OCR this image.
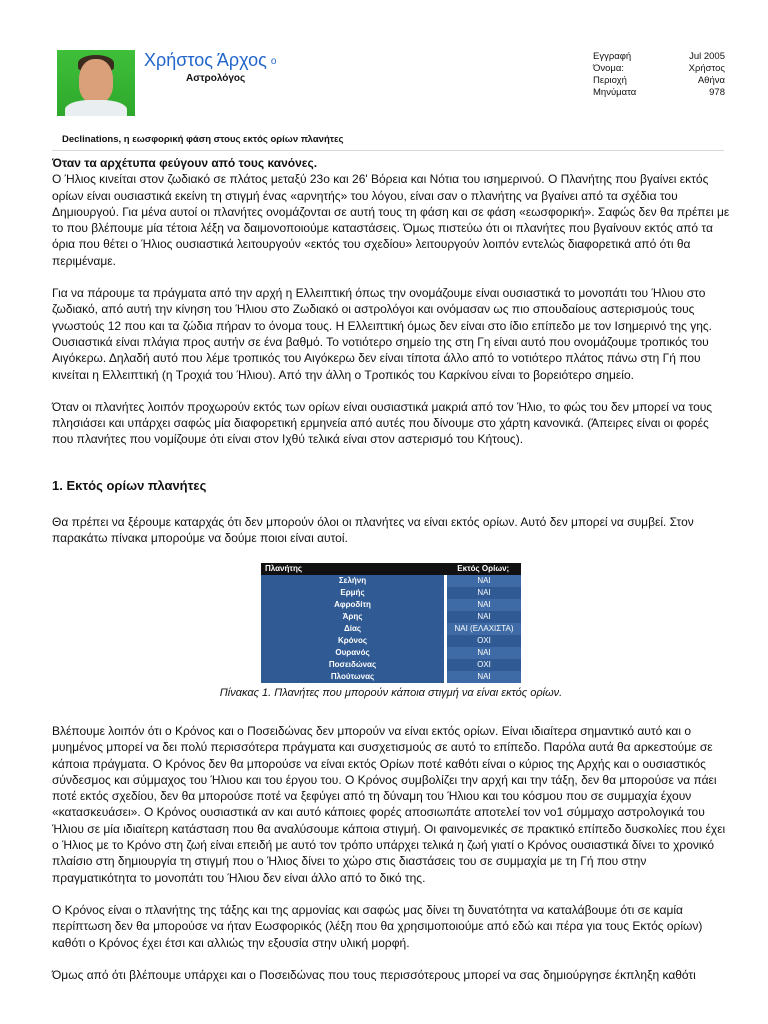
Χρήστος Άρχος o
Αστρολόγος
Εγγραφή	Jul 2005
Όνομα:	Χρήστος
Περιοχή	Αθήνα
Μηνύματα	978
Declinations, η εωσφορική φάση στους εκτός ορίων πλανήτες

Όταν τα αρχέτυπα φεύγουν από τους κανόνες.

Ο Ήλιος κινείται στον ζωδιακό σε πλάτος μεταξύ 23ο και 26' Βόρεια και Νότια του ισημερινού. Ο Πλανήτης που βγαίνει εκτός ορίων είναι ουσιαστικά εκείνη τη στιγμή ένας «αρνητής» του λόγου, είναι σαν ο πλανήτης να βγαίνει από τα σχέδια του Δημιουργού. Για μένα αυτοί οι πλανήτες ονομάζονται σε αυτή τους τη φάση και σε φάση «εωσφορική». Σαφώς δεν θα πρέπει με το που βλέπουμε μία τέτοια λέξη να δαιμονοποιούμε καταστάσεις. Όμως πιστεύω ότι οι πλανήτες που βγαίνουν εκτός από τα όρια που θέτει ο Ήλιος ουσιαστικά λειτουργούν «εκτός του σχεδίου» λειτουργούν λοιπόν εντελώς διαφορετικά από ότι θα περιμέναμε.

Για να πάρουμε τα πράγματα από την αρχή η Ελλειπτική όπως την ονομάζουμε είναι ουσιαστικά το μονοπάτι του Ήλιου στο ζωδιακό, από αυτή την κίνηση του Ήλιου στο Ζωδιακό οι αστρολόγοι και ονόμασαν ως πιο σπουδαίους αστερισμούς τους γνωστούς 12 που και τα ζώδια πήραν το όνομα τους. Η Ελλειπτική όμως δεν είναι στο ίδιο επίπεδο με τον Ισημερινό της γης. Ουσιαστικά είναι πλάγια προς αυτήν σε ένα βαθμό. Το νοτιότερο σημείο της στη Γη είναι αυτό που ονομάζουμε τροπικός του Αιγόκερω. Δηλαδή αυτό που λέμε τροπικός του Αιγόκερω δεν είναι τίποτα άλλο από το νοτιότερο πλάτος πάνω στη Γή που κινείται η Ελλειπτική (η Τροχιά του Ήλιου). Από την άλλη ο Τροπικός του Καρκίνου είναι το βορειότερο σημείο.

Όταν οι πλανήτες λοιπόν προχωρούν εκτός των ορίων είναι ουσιαστικά μακριά από τον Ήλιο, το φώς του δεν μπορεί να τους πλησιάσει και υπάρχει σαφώς μία διαφορετική ερμηνεία από αυτές που δίνουμε στο χάρτη κανονικά. (Άπειρες είναι οι φορές που πλανήτες που νομίζουμε ότι είναι στον Ιχθύ τελικά είναι στον αστερισμό του Κήτους).

1. Εκτός ορίων πλανήτες

Θα πρέπει να ξέρουμε καταρχάς ότι δεν μπορούν όλοι οι πλανήτες να είναι εκτός ορίων. Αυτό δεν μπορεί να συμβεί. Στον παρακάτω πίνακα μπορούμε να δούμε ποιοι είναι αυτοί.

Πλανήτης	Εκτός Ορίων;
Σελήνη	ΝΑΙ
Ερμής	ΝΑΙ
Αφροδίτη	ΝΑΙ
Άρης	ΝΑΙ
Δίας	ΝΑΙ (ΕΛΑΧΙΣΤΑ)
Κρόνος	ΟΧΙ
Ουρανός	ΝΑΙ
Ποσειδώνας	ΟΧΙ
Πλούτωνας	ΝΑΙ
Πίνακας 1. Πλανήτες που μπορούν κάποια στιγμή να είναι εκτός ορίων.

Βλέπουμε λοιπόν ότι ο Κρόνος και ο Ποσειδώνας δεν μπορούν να είναι εκτός ορίων. Είναι ιδιαίτερα σημαντικό αυτό και ο μυημένος μπορεί να δει πολύ περισσότερα πράγματα και συσχετισμούς σε αυτό το επίπεδο. Παρόλα αυτά θα αρκεστούμε σε κάποια πράγματα. Ο Κρόνος δεν θα μπορούσε να είναι εκτός Ορίων ποτέ καθότι είναι ο κύριος της Αρχής και ο ουσιαστικός σύνδεσμος και σύμμαχος του Ήλιου και του έργου του. Ο Κρόνος συμβολίζει την αρχή και την τάξη, δεν θα μπορούσε να πάει ποτέ εκτός σχεδίου, δεν θα μπορούσε ποτέ να ξεφύγει από τη δύναμη του Ήλιου και του κόσμου που σε συμμαχία έχουν «κατασκευάσει». Ο Κρόνος ουσιαστικά αν και αυτό κάποιες φορές αποσιωπάτε αποτελεί τον νο1 σύμμαχο αστρολογικά του Ήλιου σε μία ιδιαίτερη κατάσταση που θα αναλύσουμε κάποια στιγμή. Οι φαινομενικές σε πρακτικό επίπεδο δυσκολίες που έχει ο Ήλιος με το Κρόνο στη ζωή είναι επειδή με αυτό τον τρόπο υπάρχει τελικά η ζωή γιατί ο Κρόνος ουσιαστικά δίνει το χρονικό πλαίσιο στη δημιουργία τη στιγμή που ο Ήλιος δίνει το χώρο στις διαστάσεις του σε συμμαχία με τη Γή που στην πραγματικότητα το μονοπάτι του Ήλιου δεν είναι άλλο από το δικό της.

Ο Κρόνος είναι ο πλανήτης της τάξης και της αρμονίας και σαφώς μας δίνει τη δυνατότητα να καταλάβουμε ότι σε καμία περίπτωση δεν θα μπορούσε να ήταν Εωσφορικός (λέξη που θα χρησιμοποιούμε από εδώ και πέρα για τους Εκτός ορίων) καθότι ο Κρόνος έχει έτσι και αλλιώς την εξουσία στην υλική μορφή.

Όμως από ότι βλέπουμε υπάρχει και ο Ποσειδώνας που τους περισσότερους μπορεί να σας δημιούργησε έκπληξη καθότι
